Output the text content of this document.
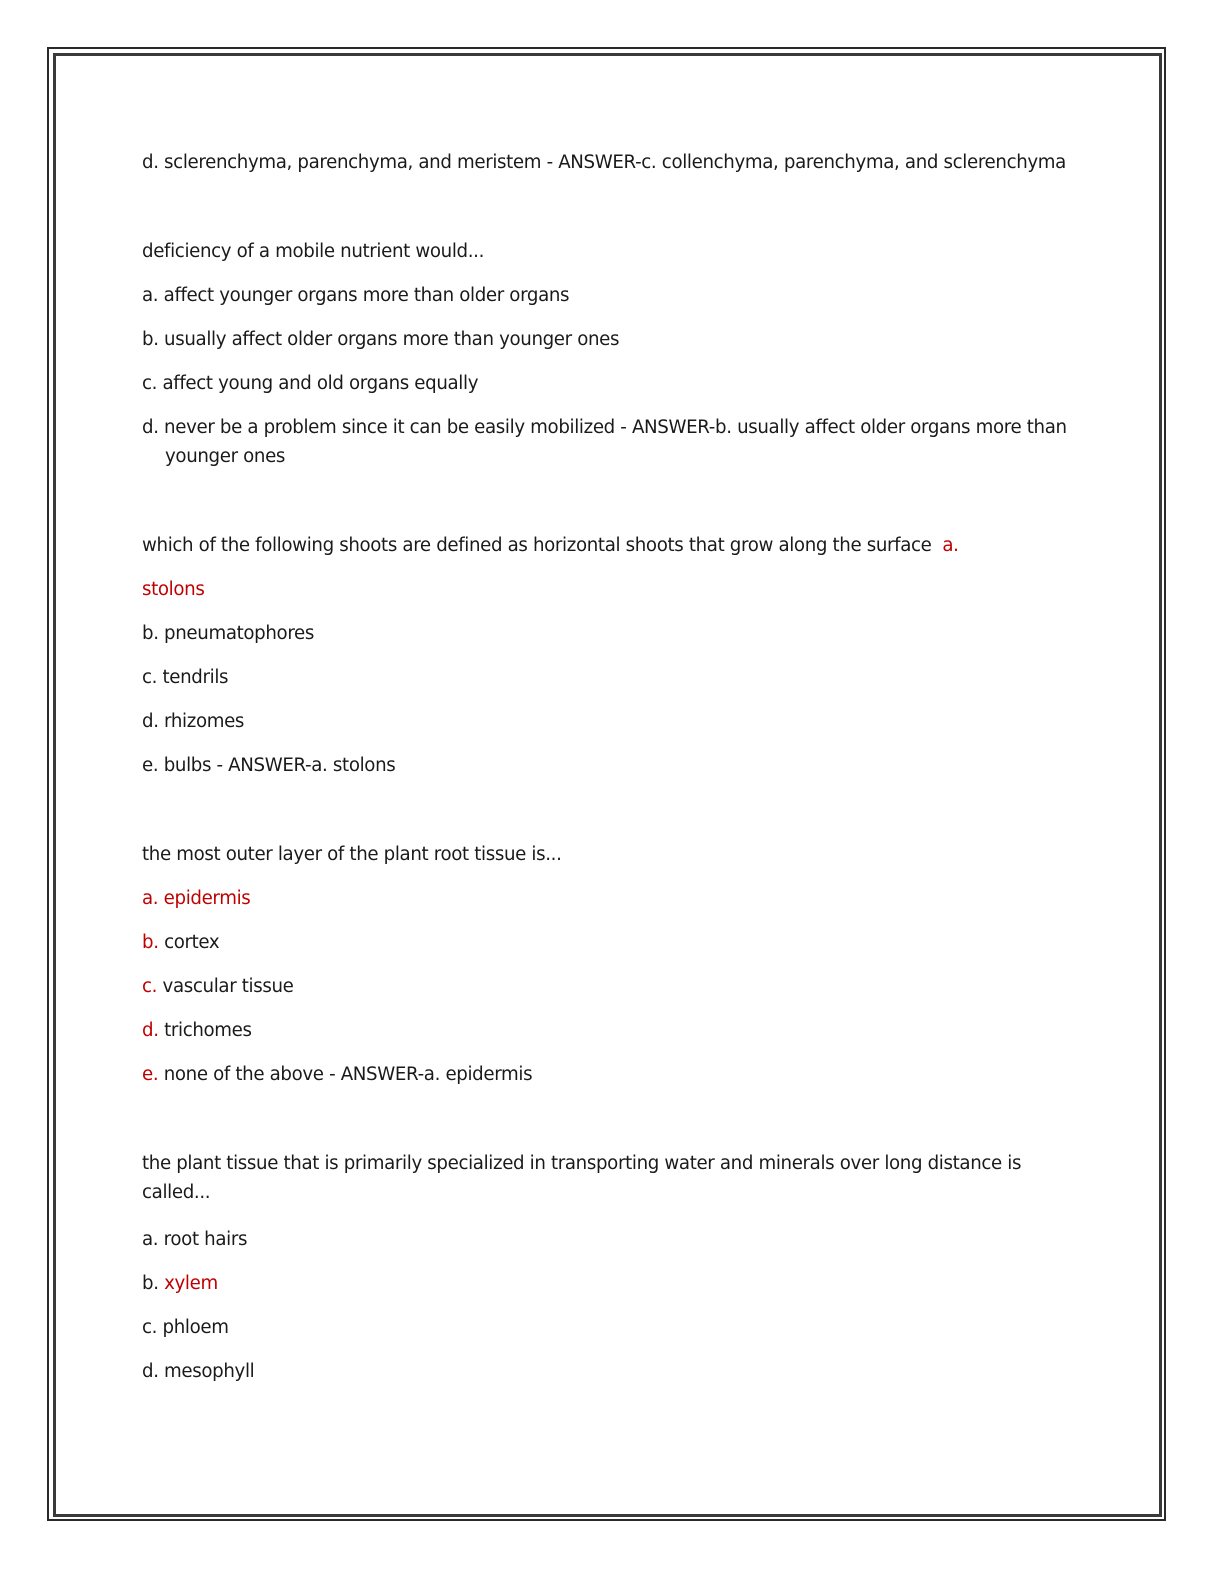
d. sclerenchyma, parenchyma, and meristem - ANSWER-c. collenchyma, parenchyma, and sclerenchyma

deficiency of a mobile nutrient would...

a. affect younger organs more than older organs

b. usually affect older organs more than younger ones

c. affect young and old organs equally

d. never be a problem since it can be easily mobilized - ANSWER-b. usually affect older organs more than younger ones

which of the following shoots are defined as horizontal shoots that grow along the surface a.

stolons

b. pneumatophores

c. tendrils

d. rhizomes

e. bulbs - ANSWER-a. stolons

the most outer layer of the plant root tissue is...

a. epidermis

b. cortex

c. vascular tissue

d. trichomes

e. none of the above - ANSWER-a. epidermis

the plant tissue that is primarily specialized in transporting water and minerals over long distance is called...

a. root hairs

b. xylem

c. phloem

d. mesophyll
